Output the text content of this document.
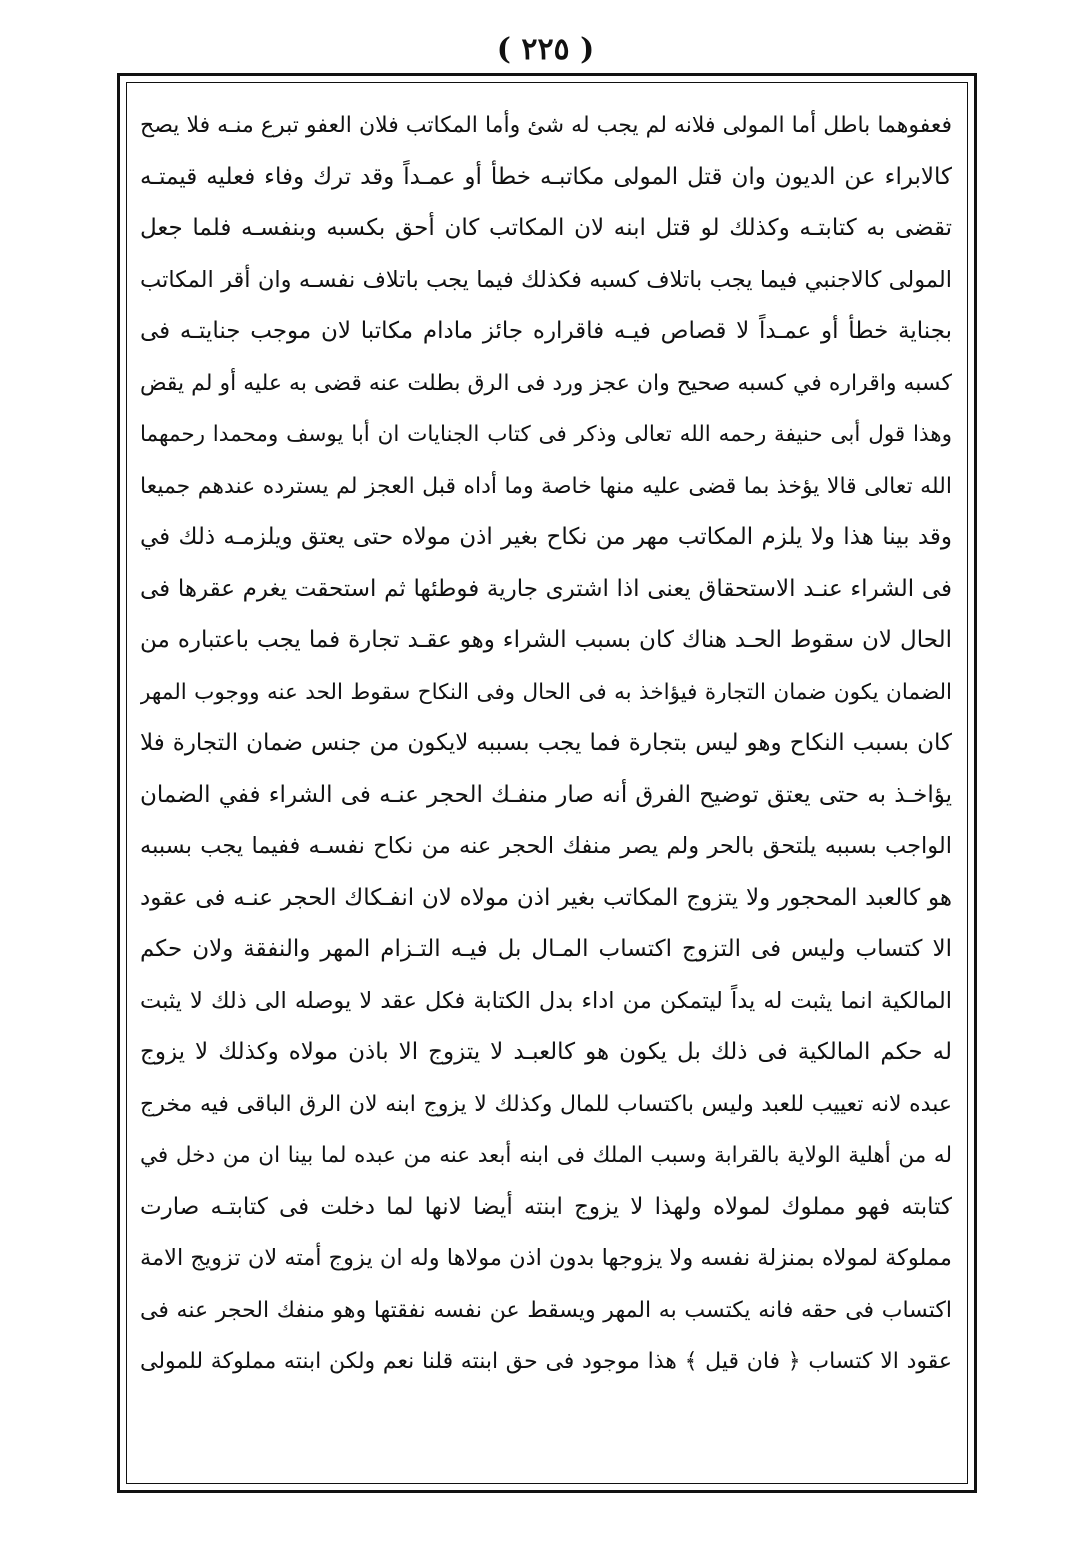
( ٢٢٥ )
فعفوهما باطل أما المولى فلانه لم يجب له شئ وأما المكاتب فلان العفو تبرع منـه فلا يصح
كالابراء عن الديون وان قتل المولى مكاتبـه خطأ أو عمـداً وقد ترك وفاء فعليه قيمتـه
تقضى به كتابتـه وكذلك لو قتل ابنه لان المكاتب كان أحق بكسبه وبنفسـه فلما جعل
المولى كالاجنبي فيما يجب باتلاف كسبه فكذلك فيما يجب باتلاف نفسـه وان أقر المكاتب
بجناية خطأ أو عمـداً لا قصاص فيـه فاقراره جائز مادام مكاتبا لان موجب جنايتـه فى
كسبه واقراره في كسبه صحيح وان عجز ورد فى الرق بطلت عنه قضى به عليه أو لم يقض
وهذا قول أبى حنيفة رحمه الله تعالى وذكر فى كتاب الجنايات ان أبا يوسف ومحمدا رحمهما
الله تعالى قالا يؤخذ بما قضى عليه منها خاصة وما أداه قبل العجز لم يسترده عندهم جميعا
وقد بينا هذا ولا يلزم المكاتب مهر من نكاح بغير اذن مولاه حتى يعتق ويلزمـه ذلك في
فى الشراء عنـد الاستحقاق يعنى اذا اشترى جارية فوطئها ثم استحقت يغرم عقرها فى
الحال لان سقوط الحـد هناك كان بسبب الشراء وهو عقـد تجارة فما يجب باعتباره من
الضمان يكون ضمان التجارة فيؤاخذ به فى الحال وفى النكاح سقوط الحد عنه ووجوب المهر
كان بسبب النكاح وهو ليس بتجارة فما يجب بسببه لايكون من جنس ضمان التجارة فلا
يؤاخـذ به حتى يعتق توضيح الفرق أنه صار منفـك الحجر عنـه فى الشراء ففي الضمان
الواجب بسببه يلتحق بالحر ولم يصر منفك الحجر عنه من نكاح نفسـه ففيما يجب بسببه
هو كالعبد المحجور ولا يتزوج المكاتب بغير اذن مولاه لان انفـكاك الحجر عنـه فى عقود
الا كتساب وليس فى التزوج اكتساب المـال بل فيـه التـزام المهر والنفقة ولان حكم
المالكية انما يثبت له يداً ليتمكن من اداء بدل الكتابة فكل عقد لا يوصله الى ذلك لا يثبت
له حكم المالكية فى ذلك بل يكون هو كالعبـد لا يتزوج الا باذن مولاه وكذلك لا يزوج
عبده لانه تعييب للعبد وليس باكتساب للمال وكذلك لا يزوج ابنه لان الرق الباقى فيه مخرج
له من أهلية الولاية بالقرابة وسبب الملك فى ابنه أبعد عنه من عبده لما بينا ان من دخل في
كتابته فهو مملوك لمولاه ولهذا لا يزوج ابنته أيضا لانها لما دخلت فى كتابتـه صارت
مملوكة لمولاه بمنزلة نفسه ولا يزوجها بدون اذن مولاها وله ان يزوج أمته لان تزويج الامة
اكتساب فى حقه فانه يكتسب به المهر ويسقط عن نفسه نفقتها وهو منفك الحجر عنه فى
عقود الا كتساب ﴿ فان قيل ﴾ هذا موجود فى حق ابنته قلنا نعم ولكن ابنته مملوكة للمولى
